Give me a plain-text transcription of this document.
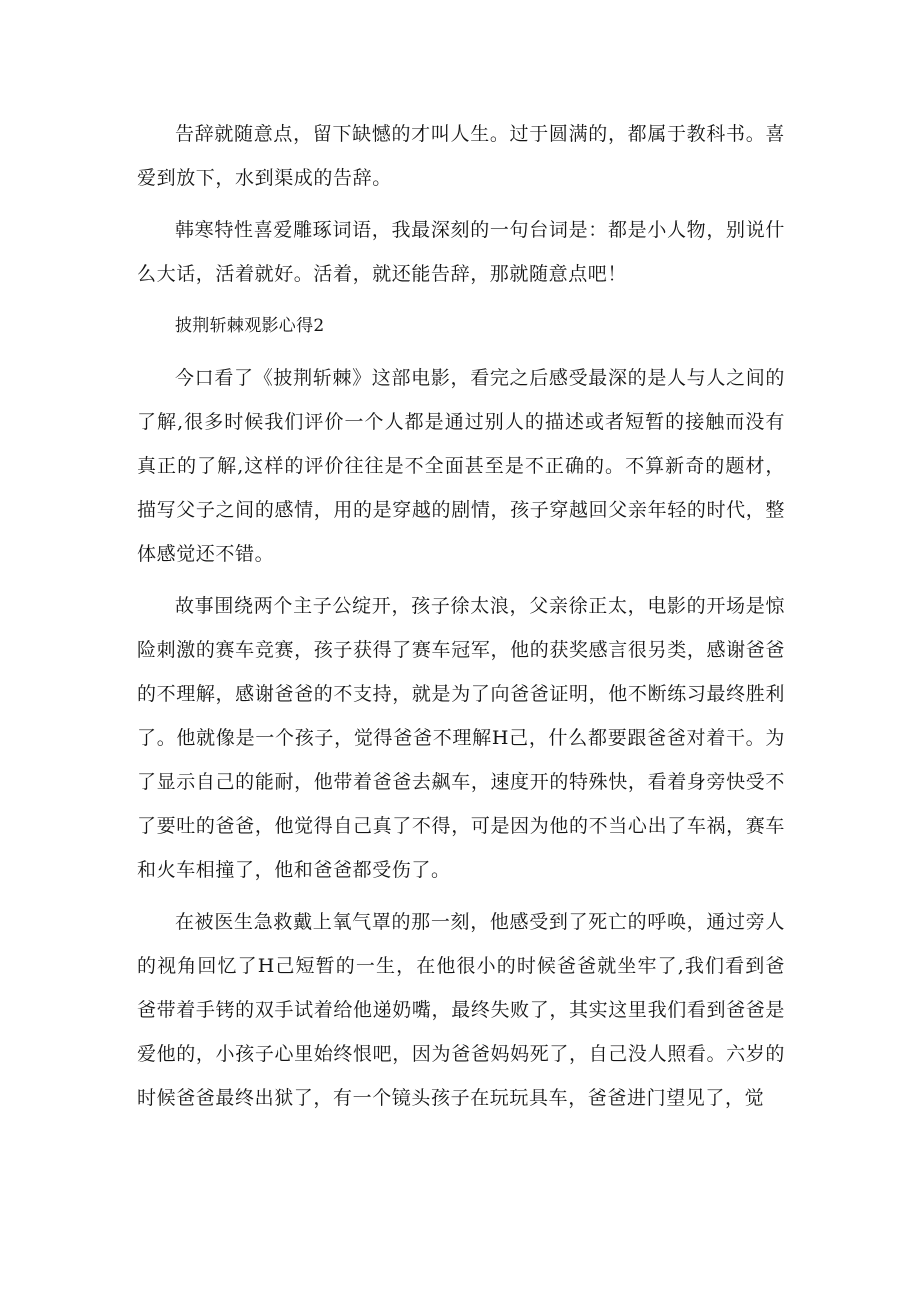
告辞就随意点，留下缺憾的才叫人生。过于圆满的，都属于教科书。喜爱到放下，水到渠成的告辞。

韩寒特性喜爱雕琢词语，我最深刻的一句台词是：都是小人物，别说什么大话，活着就好。活着，就还能告辞，那就随意点吧！

披荆斩棘观影心得2

今口看了《披荆斩棘》这部电影，看完之后感受最深的是人与人之间的了解,很多时候我们评价一个人都是通过别人的描述或者短暂的接触而没有真正的了解,这样的评价往往是不全面甚至是不正确的。不算新奇的题材，描写父子之间的感情，用的是穿越的剧情，孩子穿越回父亲年轻的时代，整体感觉还不错。

故事围绕两个主子公绽开，孩子徐太浪，父亲徐正太，电影的开场是惊险刺激的赛车竞赛，孩子获得了赛车冠军，他的获奖感言很另类，感谢爸爸的不理解，感谢爸爸的不支持，就是为了向爸爸证明，他不断练习最终胜利了。他就像是一个孩子，觉得爸爸不理解H己，什么都要跟爸爸对着干。为了显示自己的能耐，他带着爸爸去飙车，速度开的特殊快，看着身旁快受不了要吐的爸爸，他觉得自己真了不得，可是因为他的不当心出了车祸，赛车和火车相撞了，他和爸爸都受伤了。

在被医生急救戴上氧气罩的那一刻，他感受到了死亡的呼唤，通过旁人的视角回忆了H己短暂的一生，在他很小的时候爸爸就坐牢了,我们看到爸爸带着手铐的双手试着给他递奶嘴，最终失败了，其实这里我们看到爸爸是爱他的，小孩子心里始终恨吧，因为爸爸妈妈死了，自己没人照看。六岁的时候爸爸最终出狱了，有一个镜头孩子在玩玩具车，爸爸进门望见了，觉
